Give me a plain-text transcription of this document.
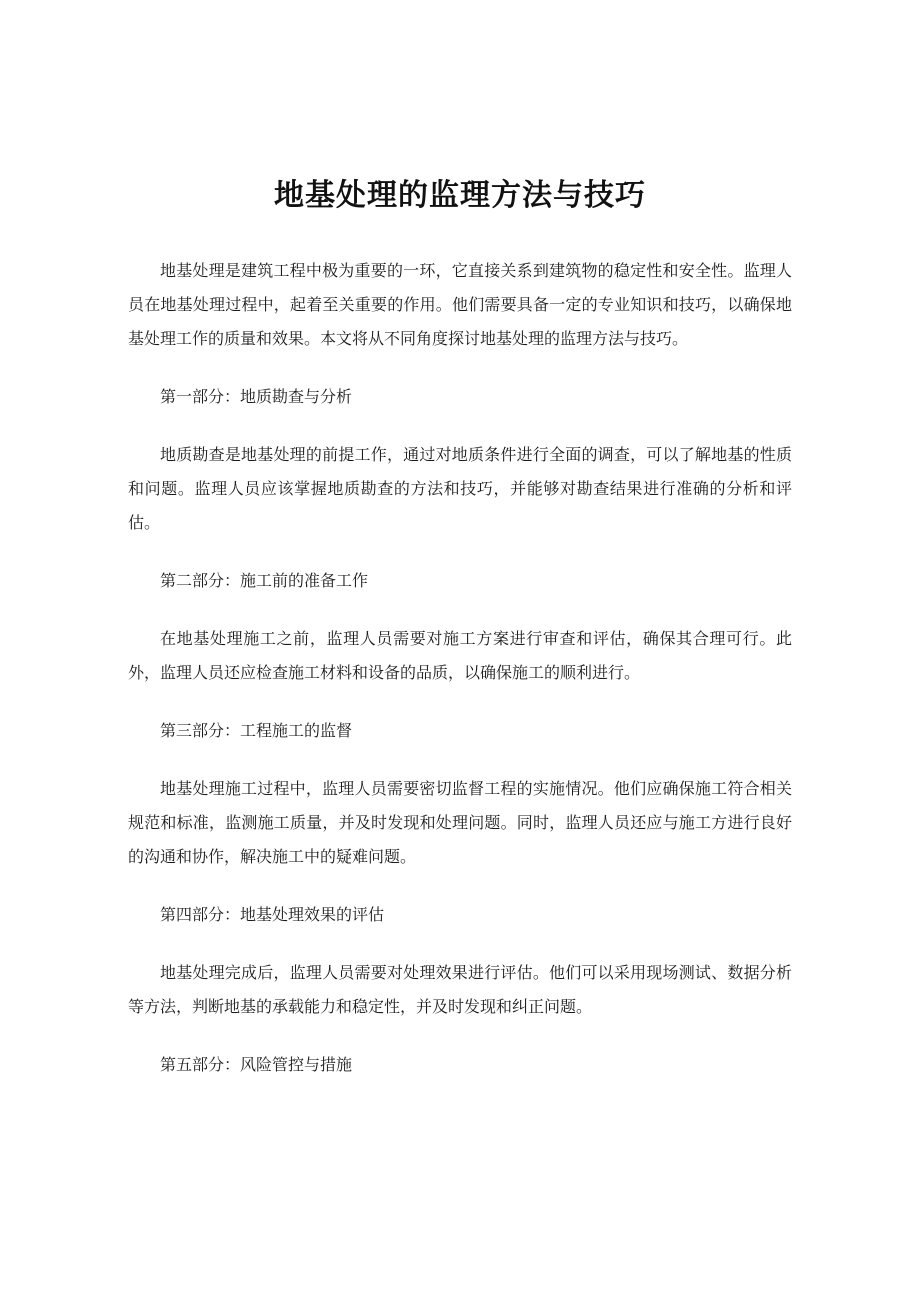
地基处理的监理方法与技巧

地基处理是建筑工程中极为重要的一环，它直接关系到建筑物的稳定性和安全性。监理人员在地基处理过程中，起着至关重要的作用。他们需要具备一定的专业知识和技巧，以确保地基处理工作的质量和效果。本文将从不同角度探讨地基处理的监理方法与技巧。

第一部分：地质勘查与分析

地质勘查是地基处理的前提工作，通过对地质条件进行全面的调查，可以了解地基的性质和问题。监理人员应该掌握地质勘查的方法和技巧，并能够对勘查结果进行准确的分析和评估。

第二部分：施工前的准备工作

在地基处理施工之前，监理人员需要对施工方案进行审查和评估，确保其合理可行。此外，监理人员还应检查施工材料和设备的品质，以确保施工的顺利进行。

第三部分：工程施工的监督

地基处理施工过程中，监理人员需要密切监督工程的实施情况。他们应确保施工符合相关规范和标准，监测施工质量，并及时发现和处理问题。同时，监理人员还应与施工方进行良好的沟通和协作，解决施工中的疑难问题。

第四部分：地基处理效果的评估

地基处理完成后，监理人员需要对处理效果进行评估。他们可以采用现场测试、数据分析等方法，判断地基的承载能力和稳定性，并及时发现和纠正问题。

第五部分：风险管控与措施
